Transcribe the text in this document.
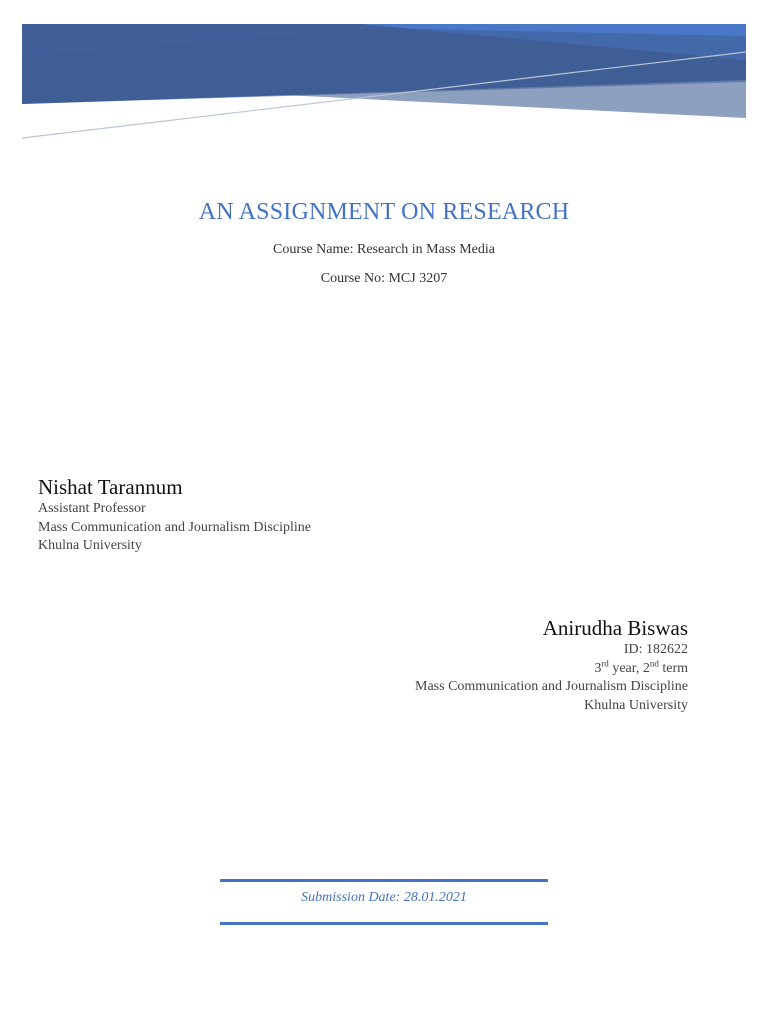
AN ASSIGNMENT ON RESEARCH
Course Name: Research in Mass Media
Course No: MCJ 3207
Nishat Tarannum
Assistant Professor
Mass Communication and Journalism Discipline
Khulna University
Anirudha Biswas
ID: 182622
3rd year, 2nd term
Mass Communication and Journalism Discipline
Khulna University
Submission Date: 28.01.2021
